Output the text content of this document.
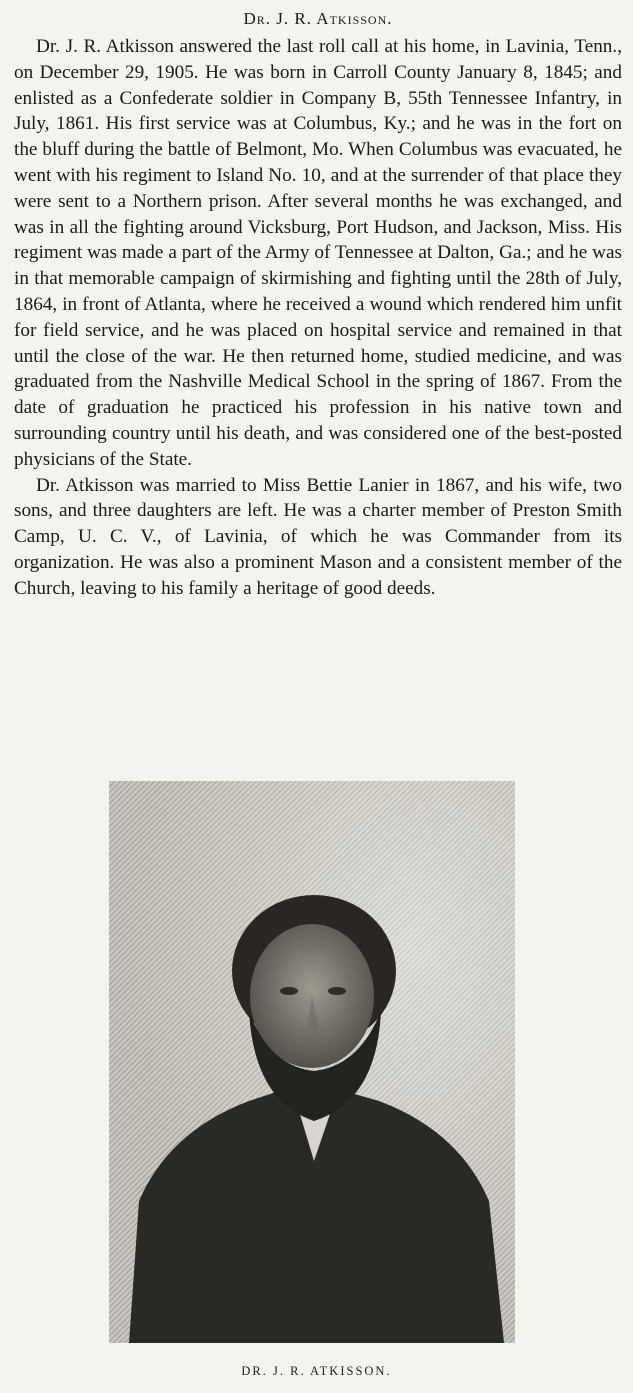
Dr. J. R. Atkisson.

Dr. J. R. Atkisson answered the last roll call at his home, in Lavinia, Tenn., on December 29, 1905. He was born in Carroll County January 8, 1845; and enlisted as a Confederate soldier in Company B, 55th Tennessee Infantry, in July, 1861. His first service was at Columbus, Ky.; and he was in the fort on the bluff during the battle of Belmont, Mo. When Columbus was evacuated, he went with his regiment to Island No. 10, and at the surrender of that place they were sent to a Northern prison. After several months he was exchanged, and was in all the fighting around Vicksburg, Port Hudson, and Jackson, Miss. His regiment was made a part of the Army of Tennessee at Dalton, Ga.; and he was in that memorable campaign of skirmishing and fighting until the 28th of July, 1864, in front of Atlanta, where he received a wound which rendered him unfit for field service, and he was placed on hospital service and remained in that until the close of the war. He then returned home, studied medicine, and was graduated from the Nashville Medical School in the spring of 1867. From the date of graduation he practiced his profession in his native town and surrounding country until his death, and was considered one of the best-posted physicians of the State.

Dr. Atkisson was married to Miss Bettie Lanier in 1867, and his wife, two sons, and three daughters are left. He was a charter member of Preston Smith Camp, U. C. V., of Lavinia, of which he was Commander from its organization. He was also a prominent Mason and a consistent member of the Church, leaving to his family a heritage of good deeds.

DR. J. R. ATKISSON.
